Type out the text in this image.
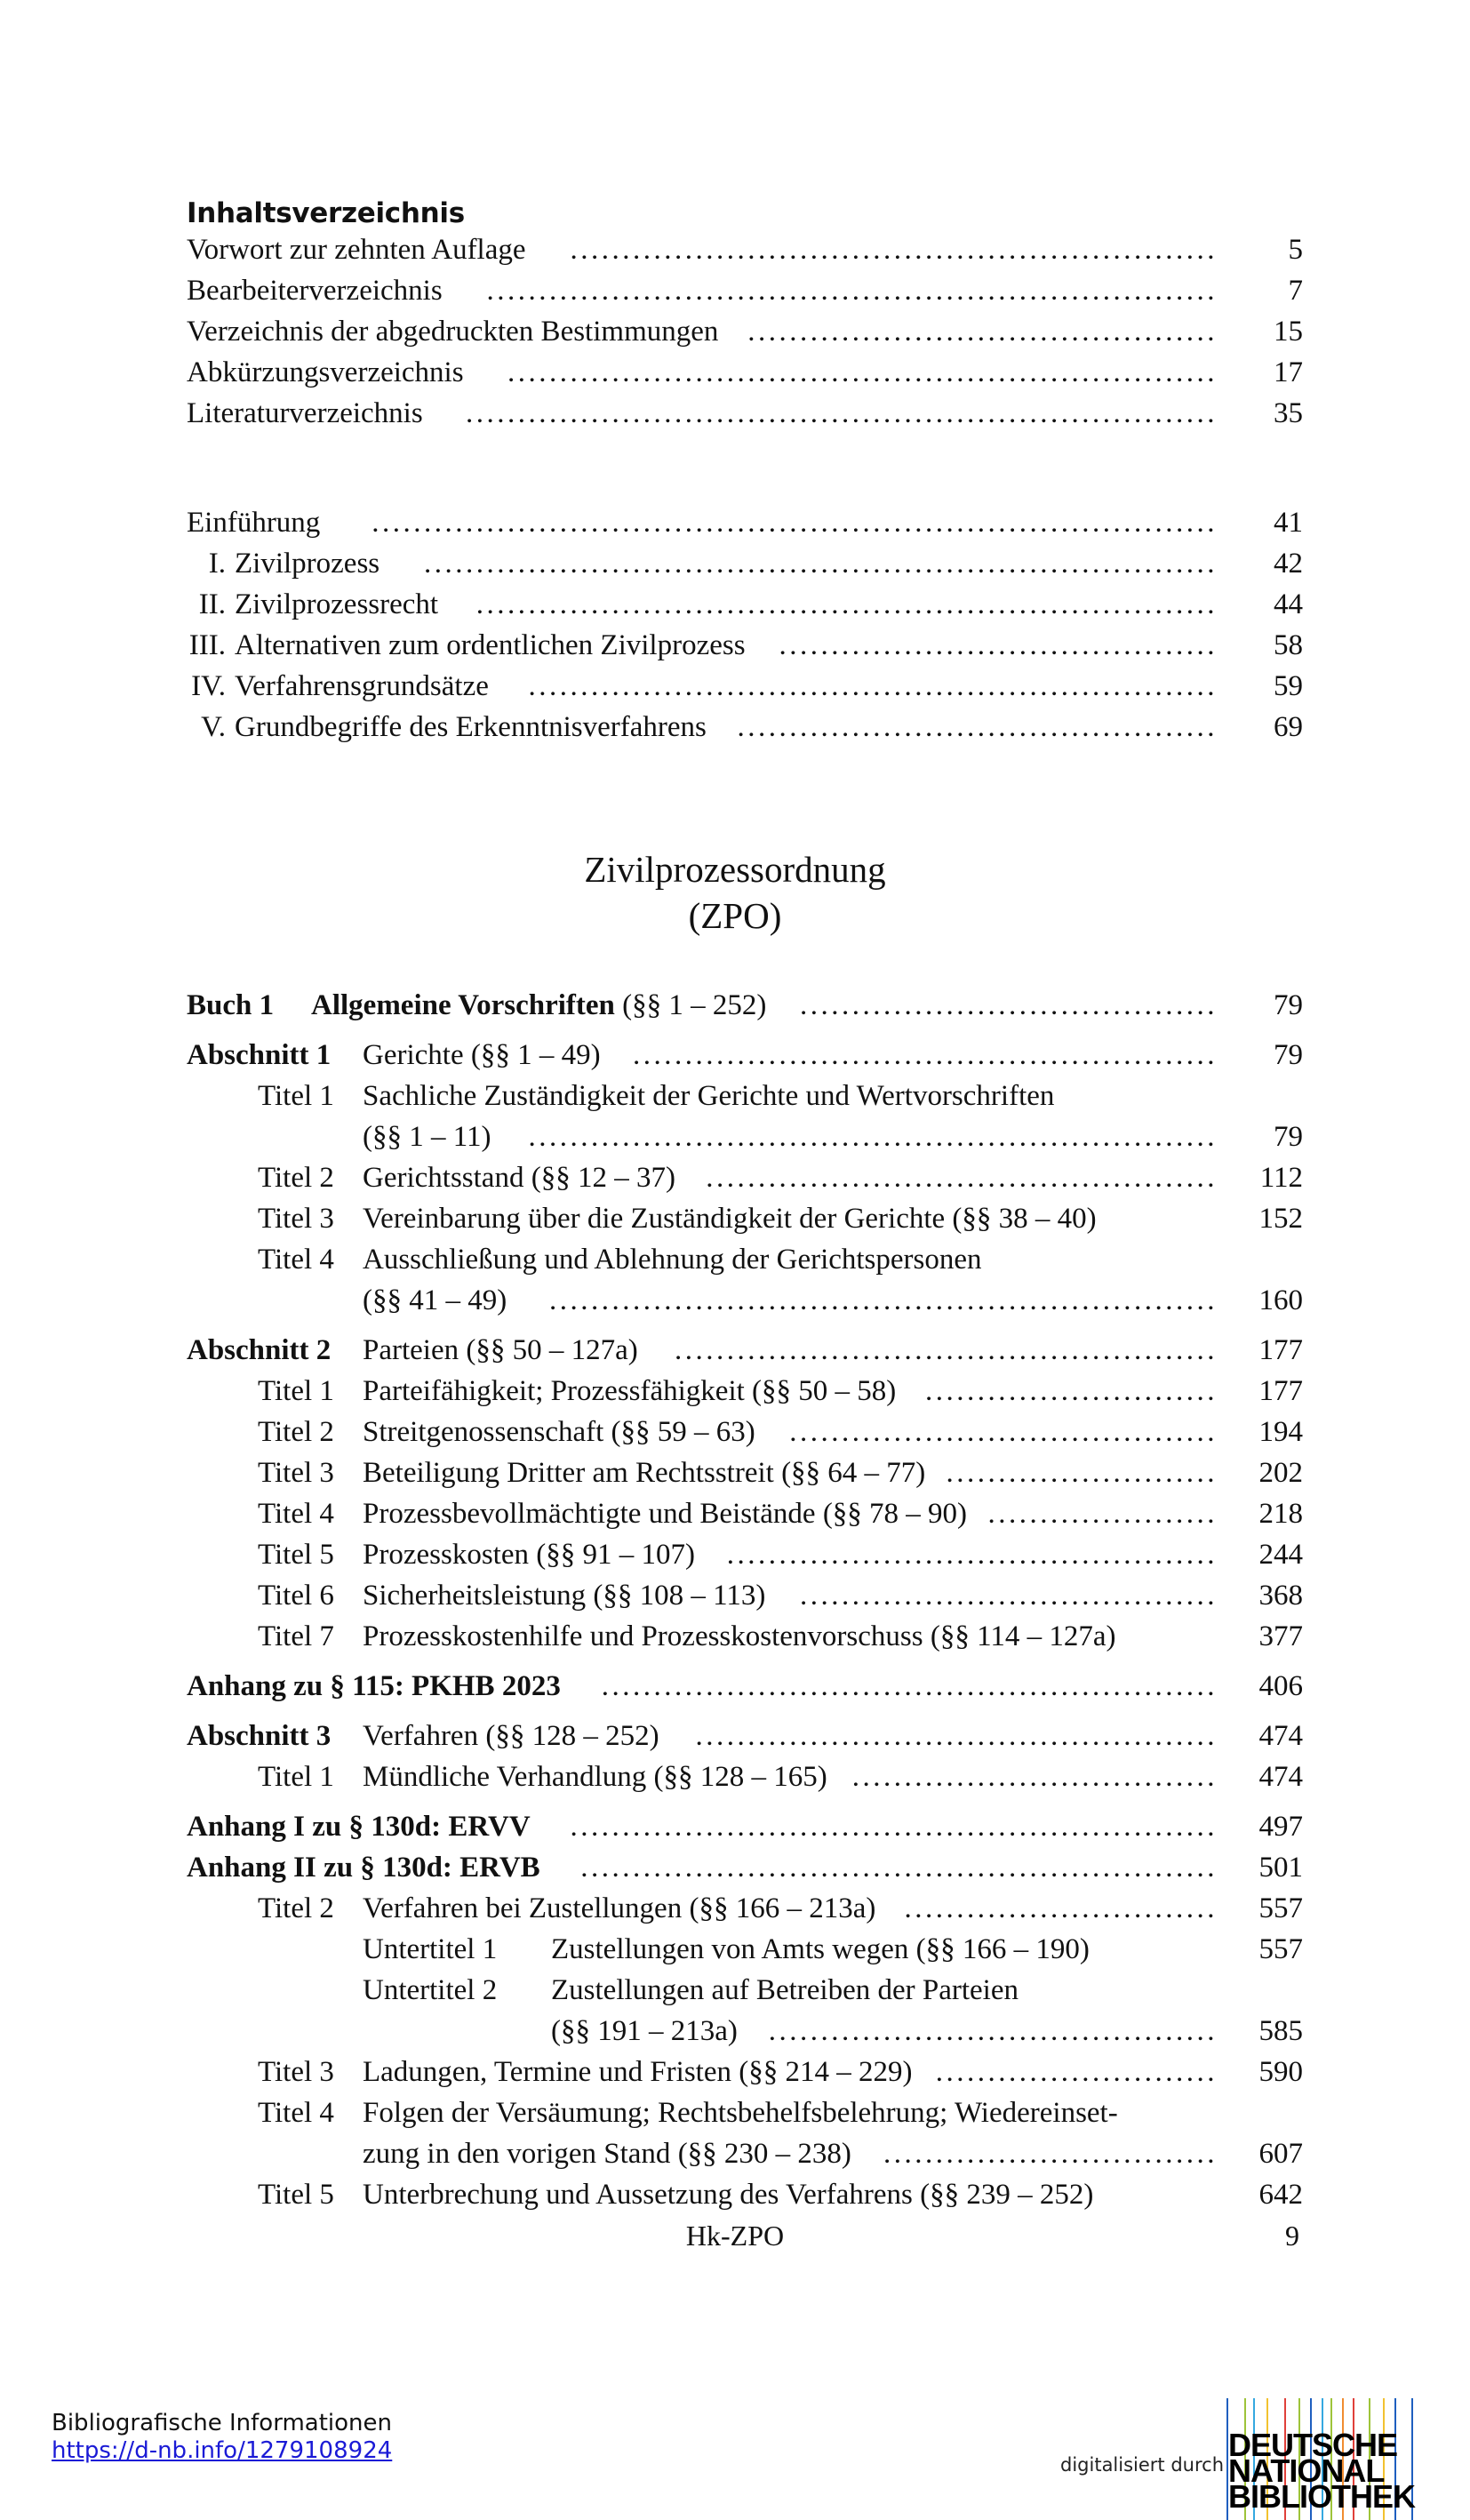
Inhaltsverzeichnis
Vorwort zur zehnten Auflage	5
..............................................................
Bearbeiterverzeichnis	7
......................................................................
Verzeichnis der abgedruckten Bestimmungen	15
.............................................
Abkürzungsverzeichnis	17
....................................................................
Literaturverzeichnis	35
........................................................................
Einführung	41
.................................................................................
I. Zivilprozess	42
............................................................................
II. Zivilprozessrecht	44
.......................................................................
III. Alternativen zum ordentlichen Zivilprozess	58
..........................................
IV. Verfahrensgrundsätze	59
..................................................................
V. Grundbegriffe des Erkenntnisverfahrens	69
..............................................
Zivilprozessordnung
(ZPO)
Buch 1 Allgemeine Vorschriften (§§ 1 – 252) ........................................ 79
Abschnitt 1 Gerichte (§§ 1 – 49) ........................................................ 79
Titel 1 Sachliche Zuständigkeit der Gerichte und Wertvorschriften
(§§ 1 – 11) .................................................................. 79
Titel 2 Gerichtsstand (§§ 12 – 37) ................................................. 112
Titel 3 Vereinbarung über die Zuständigkeit der Gerichte (§§ 38 – 40)	152
Titel 4 Ausschließung und Ablehnung der Gerichtspersonen
(§§ 41 – 49) ................................................................ 160
Abschnitt 2 Parteien (§§ 50 – 127a) .................................................... 177
Titel 1 Parteifähigkeit; Prozessfähigkeit (§§ 50 – 58) ............................ 177
Titel 2 Streitgenossenschaft (§§ 59 – 63) ......................................... 194
Titel 3 Beteiligung Dritter am Rechtsstreit (§§ 64 – 77) .......................... 202
Titel 4 Prozessbevollmächtigte und Beistände (§§ 78 – 90) ...................... 218
Titel 5 Prozesskosten (§§ 91 – 107) ............................................... 244
Titel 6 Sicherheitsleistung (§§ 108 – 113) ........................................ 368
Titel 7 Prozesskostenhilfe und Prozesskostenvorschuss (§§ 114 – 127a)	377
Anhang zu § 115: PKHB 2023 ........................................................... 406
Abschnitt 3 Verfahren (§§ 128 – 252) .................................................. 474
Titel 1 Mündliche Verhandlung (§§ 128 – 165) ................................... 474
Anhang I zu § 130d: ERVV .............................................................. 497
Anhang II zu § 130d: ERVB ............................................................. 501
Titel 2 Verfahren bei Zustellungen (§§ 166 – 213a) .............................. 557
Untertitel 1 Zustellungen von Amts wegen (§§ 166 – 190)	557
Untertitel 2 Zustellungen auf Betreiben der Parteien
(§§ 191 – 213a) ........................................... 585
Titel 3 Ladungen, Termine und Fristen (§§ 214 – 229) ........................... 590
Titel 4 Folgen der Versäumung; Rechtsbehelfsbelehrung; Wiedereinset-
zung in den vorigen Stand (§§ 230 – 238) ................................ 607
Titel 5 Unterbrechung und Aussetzung des Verfahrens (§§ 239 – 252)	642
Hk-ZPO	9
Bibliografische Informationen
https://d-nb.info/1279108924
digitalisiert durch
DEUTSCHE
NATIONAL
BIBLIOTHEK
